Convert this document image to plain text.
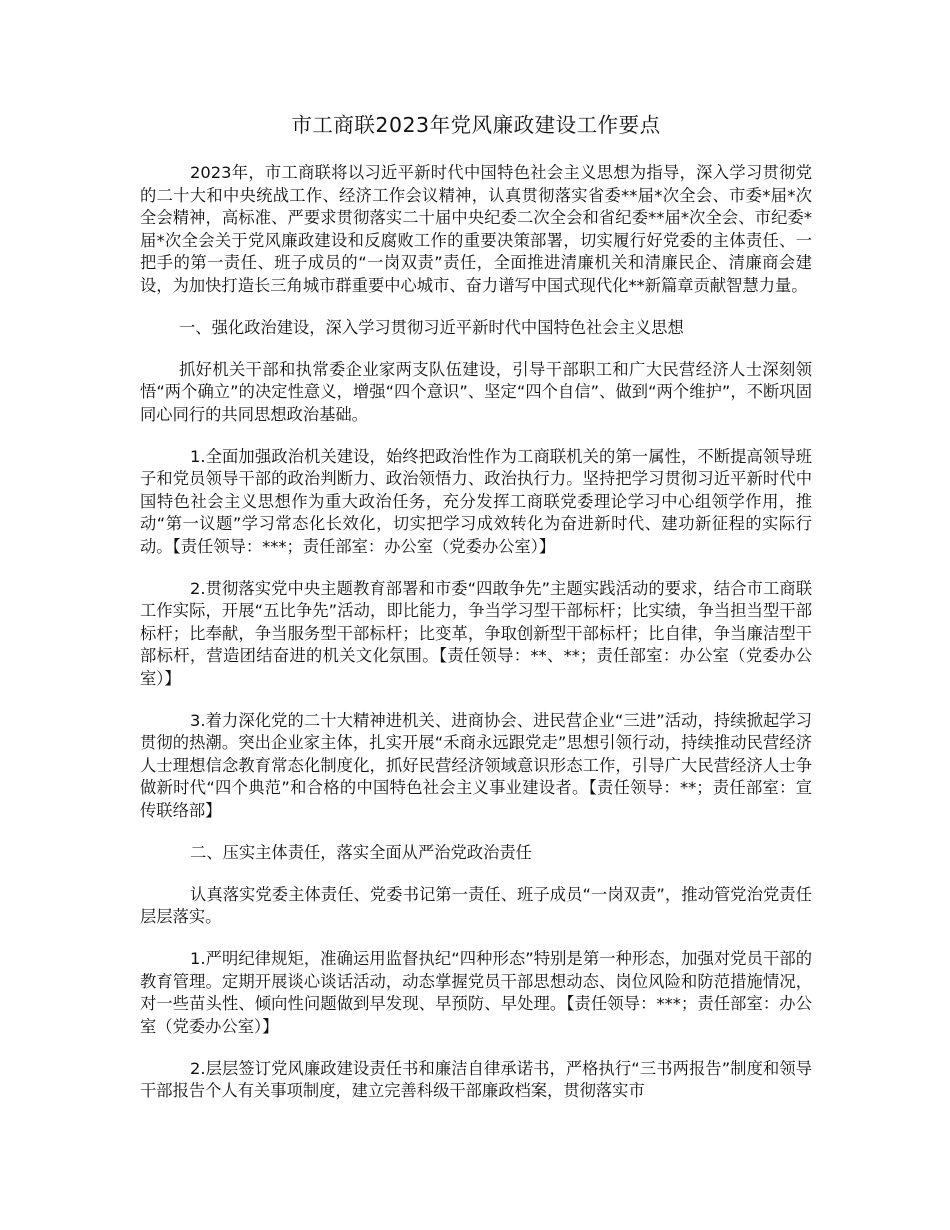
市工商联2023年党风廉政建设工作要点

2023年，市工商联将以习近平新时代中国特色社会主义思想为指导，深入学习贯彻党的二十大和中央统战工作、经济工作会议精神，认真贯彻落实省委**届*次全会、市委*届*次全会精神，高标准、严要求贯彻落实二十届中央纪委二次全会和省纪委**届*次全会、市纪委*届*次全会关于党风廉政建设和反腐败工作的重要决策部署，切实履行好党委的主体责任、一把手的第一责任、班子成员的“一岗双责”责任，全面推进清廉机关和清廉民企、清廉商会建设，为加快打造长三角城市群重要中心城市、奋力谱写中国式现代化**新篇章贡献智慧力量。

一、强化政治建设，深入学习贯彻习近平新时代中国特色社会主义思想

抓好机关干部和执常委企业家两支队伍建设，引导干部职工和广大民营经济人士深刻领悟“两个确立”的决定性意义，增强“四个意识”、坚定“四个自信”、做到“两个维护”，不断巩固同心同行的共同思想政治基础。

1.全面加强政治机关建设，始终把政治性作为工商联机关的第一属性，不断提高领导班子和党员领导干部的政治判断力、政治领悟力、政治执行力。坚持把学习贯彻习近平新时代中国特色社会主义思想作为重大政治任务，充分发挥工商联党委理论学习中心组领学作用，推动“第一议题”学习常态化长效化，切实把学习成效转化为奋进新时代、建功新征程的实际行动。【责任领导：***；责任部室：办公室（党委办公室）】

2.贯彻落实党中央主题教育部署和市委“四敢争先”主题实践活动的要求，结合市工商联工作实际，开展“五比争先”活动，即比能力，争当学习型干部标杆；比实绩，争当担当型干部标杆；比奉献，争当服务型干部标杆；比变革，争取创新型干部标杆；比自律，争当廉洁型干部标杆，营造团结奋进的机关文化氛围。【责任领导：**、**；责任部室：办公室（党委办公室）】

3.着力深化党的二十大精神进机关、进商协会、进民营企业“三进”活动，持续掀起学习贯彻的热潮。突出企业家主体，扎实开展“禾商永远跟党走”思想引领行动，持续推动民营经济人士理想信念教育常态化制度化，抓好民营经济领域意识形态工作，引导广大民营经济人士争做新时代“四个典范”和合格的中国特色社会主义事业建设者。【责任领导：**；责任部室：宣传联络部】

二、压实主体责任，落实全面从严治党政治责任

认真落实党委主体责任、党委书记第一责任、班子成员“一岗双责”，推动管党治党责任层层落实。

1.严明纪律规矩，准确运用监督执纪“四种形态”特别是第一种形态，加强对党员干部的教育管理。定期开展谈心谈话活动，动态掌握党员干部思想动态、岗位风险和防范措施情况，对一些苗头性、倾向性问题做到早发现、早预防、早处理。【责任领导：***；责任部室：办公室（党委办公室）】

2.层层签订党风廉政建设责任书和廉洁自律承诺书，严格执行“三书两报告”制度和领导干部报告个人有关事项制度，建立完善科级干部廉政档案，贯彻落实市
